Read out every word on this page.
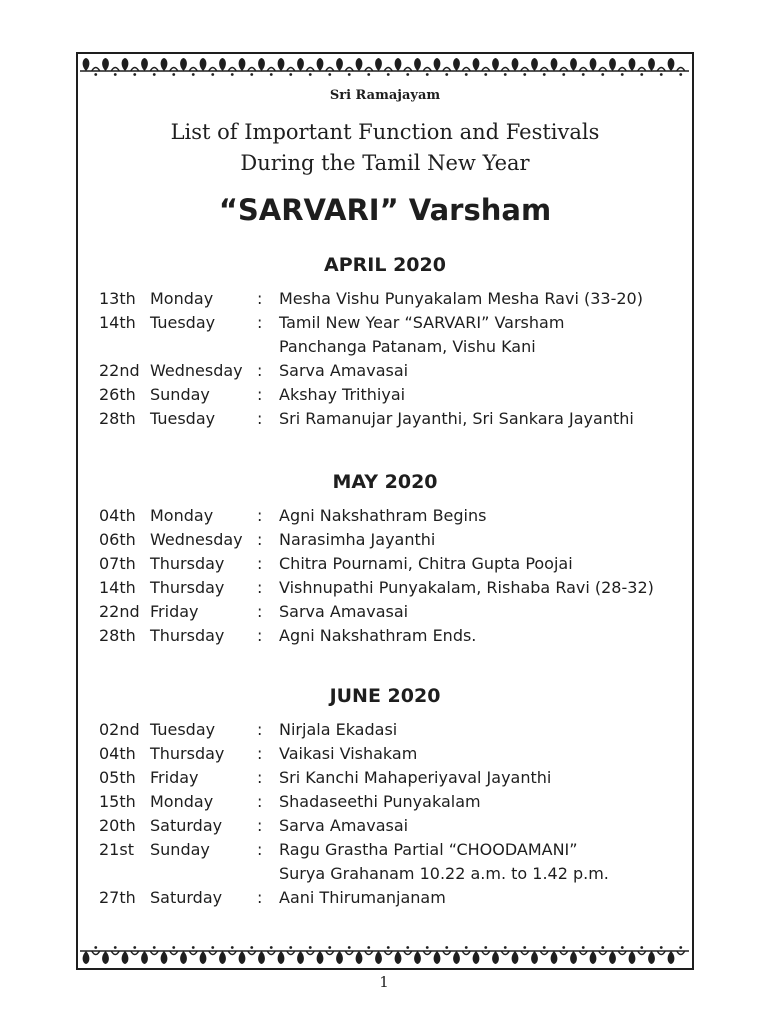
Sri Ramajayam
List of Important Function and Festivals
During the Tamil New Year
“SARVARI” Varsham
APRIL 2020
13th Monday	: Mesha Vishu Punyakalam Mesha Ravi (33-20)
14th Tuesday	: Tamil New Year “SARVARI” Varsham
Panchanga Patanam, Vishu Kani
22nd Wednesday : Sarva Amavasai
26th Sunday	: Akshay Trithiyai
28th Tuesday	: Sri Ramanujar Jayanthi, Sri Sankara Jayanthi
MAY 2020
04th Monday	: Agni Nakshathram Begins
06th Wednesday : Narasimha Jayanthi
07th Thursday : Chitra Pournami, Chitra Gupta Poojai
14th Thursday : Vishnupathi Punyakalam, Rishaba Ravi (28-32)
22nd Friday	: Sarva Amavasai
28th Thursday : Agni Nakshathram Ends.
JUNE 2020
02nd Tuesday	: Nirjala Ekadasi
04th Thursday : Vaikasi Vishakam
05th Friday	: Sri Kanchi Mahaperiyaval Jayanthi
15th Monday	: Shadaseethi Punyakalam
20th Saturday : Sarva Amavasai
21st Sunday	: Ragu Grastha Partial “CHOODAMANI”
Surya Grahanam 10.22 a.m. to 1.42 p.m.
27th Saturday : Aani Thirumanjanam
1
